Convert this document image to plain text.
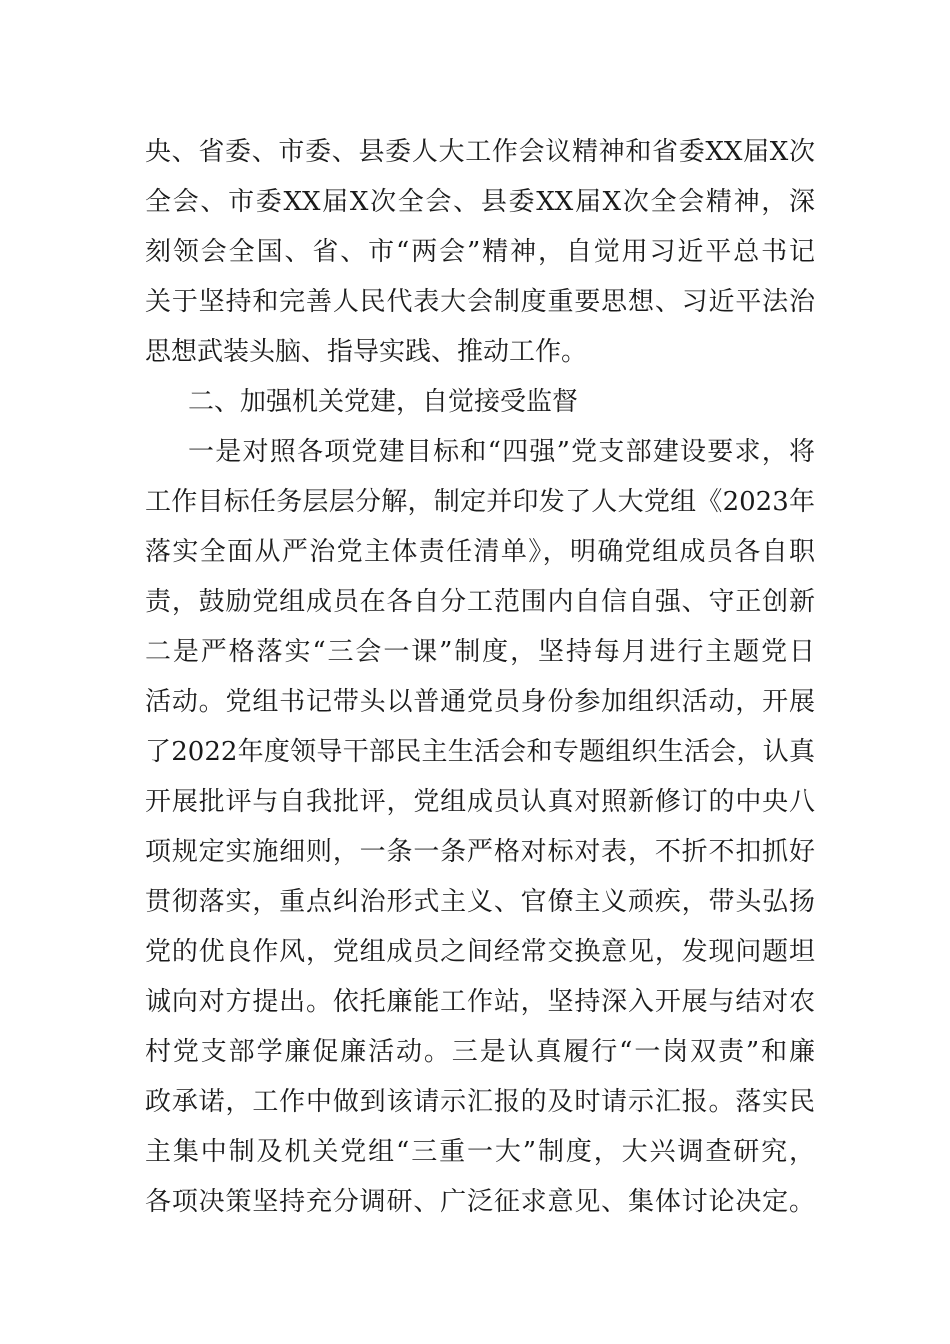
央、省委、市委、县委人大工作会议精神和省委XX届X次
全会、市委XX届X次全会、县委XX届X次全会精神，深
刻领会全国、省、市“两会”精神，自觉用习近平总书记
关于坚持和完善人民代表大会制度重要思想、习近平法治
思想武装头脑、指导实践、推动工作。
二、加强机关党建，自觉接受监督
一是对照各项党建目标和“四强”党支部建设要求，将
工作目标任务层层分解，制定并印发了人大党组《2023年
落实全面从严治党主体责任清单》，明确党组成员各自职
责，鼓励党组成员在各自分工范围内自信自强、守正创新
二是严格落实“三会一课”制度，坚持每月进行主题党日
活动。党组书记带头以普通党员身份参加组织活动，开展
了2022年度领导干部民主生活会和专题组织生活会，认真
开展批评与自我批评，党组成员认真对照新修订的中央八
项规定实施细则，一条一条严格对标对表，不折不扣抓好
贯彻落实，重点纠治形式主义、官僚主义顽疾，带头弘扬
党的优良作风，党组成员之间经常交换意见，发现问题坦
诚向对方提出。依托廉能工作站，坚持深入开展与结对农
村党支部学廉促廉活动。三是认真履行“一岗双责”和廉
政承诺，工作中做到该请示汇报的及时请示汇报。落实民
主集中制及机关党组“三重一大”制度，大兴调查研究，
各项决策坚持充分调研、广泛征求意见、集体讨论决定。
